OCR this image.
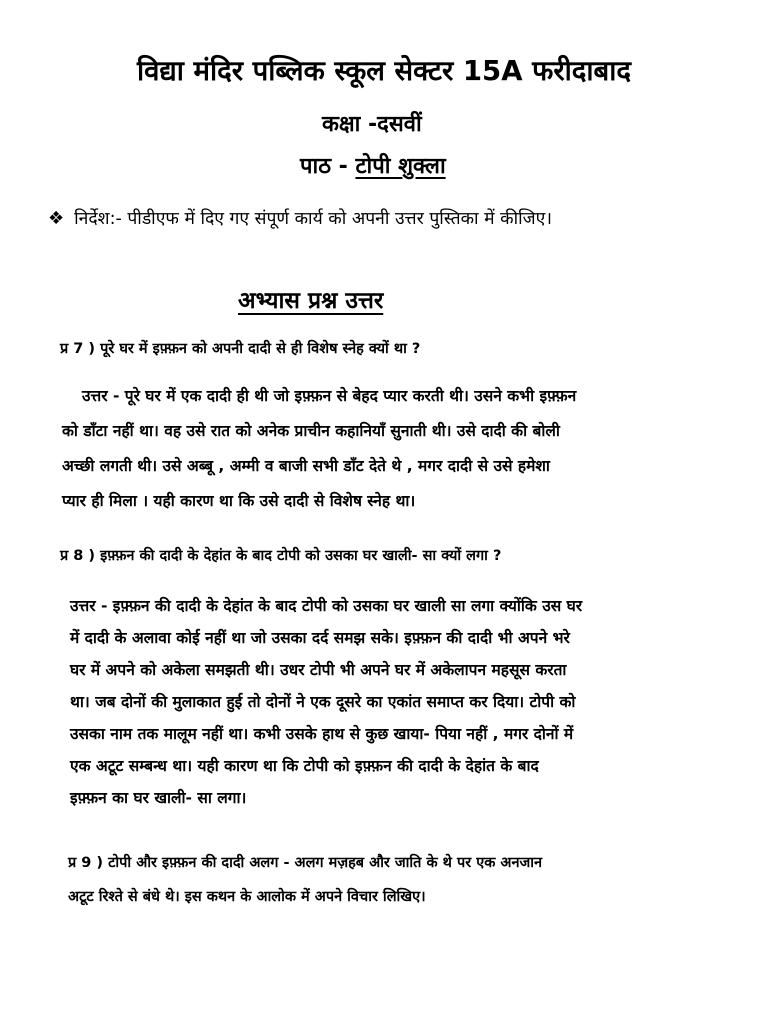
विद्या मंदिर पब्लिक स्कूल सेक्टर 15A फरीदाबाद
कक्षा -दसवीं
पाठ - टोपी शुक्ला
❖ निर्देश:- पीडीएफ में दिए गए संपूर्ण कार्य को अपनी उत्तर पुस्तिका में कीजिए।
अभ्यास प्रश्न उत्तर
प्र 7 ) पूरे घर में इफ़्फ़न को अपनी दादी से ही विशेष स्नेह क्यों था ?
उत्तर - पूरे घर में एक दादी ही थी जो इफ़्फ़न से बेहद प्यार करती थी। उसने कभी इफ़्फ़न
को डाँटा नहीं था। वह उसे रात को अनेक प्राचीन कहानियाँ सुनाती थी। उसे दादी की बोली
अच्छी लगती थी। उसे अब्बू , अम्मी व बाजी सभी डाँट देते थे , मगर दादी से उसे हमेशा
प्यार ही मिला । यही कारण था कि उसे दादी से विशेष स्नेह था।
प्र 8 ) इफ़्फ़न की दादी के देहांत के बाद टोपी को उसका घर खाली- सा क्यों लगा ?
उत्तर - इफ़्फ़न की दादी के देहांत के बाद टोपी को उसका घर खाली सा लगा क्योंकि उस घर
में दादी के अलावा कोई नहीं था जो उसका दर्द समझ सके। इफ़्फ़न की दादी भी अपने भरे
घर में अपने को अकेला समझती थी। उधर टोपी भी अपने घर में अकेलापन महसूस करता
था। जब दोनों की मुलाकात हुई तो दोनों ने एक दूसरे का एकांत समाप्त कर दिया। टोपी को
उसका नाम तक मालूम नहीं था। कभी उसके हाथ से कुछ खाया- पिया नहीं , मगर दोनों में
एक अटूट सम्बन्ध था। यही कारण था कि टोपी को इफ़्फ़न की दादी के देहांत के बाद
इफ़्फ़न का घर खाली- सा लगा।
प्र 9 ) टोपी और इफ़्फ़न की दादी अलग - अलग मज़हब और जाति के थे पर एक अनजान
अटूट रिश्ते से बंधे थे। इस कथन के आलोक में अपने विचार लिखिए।
